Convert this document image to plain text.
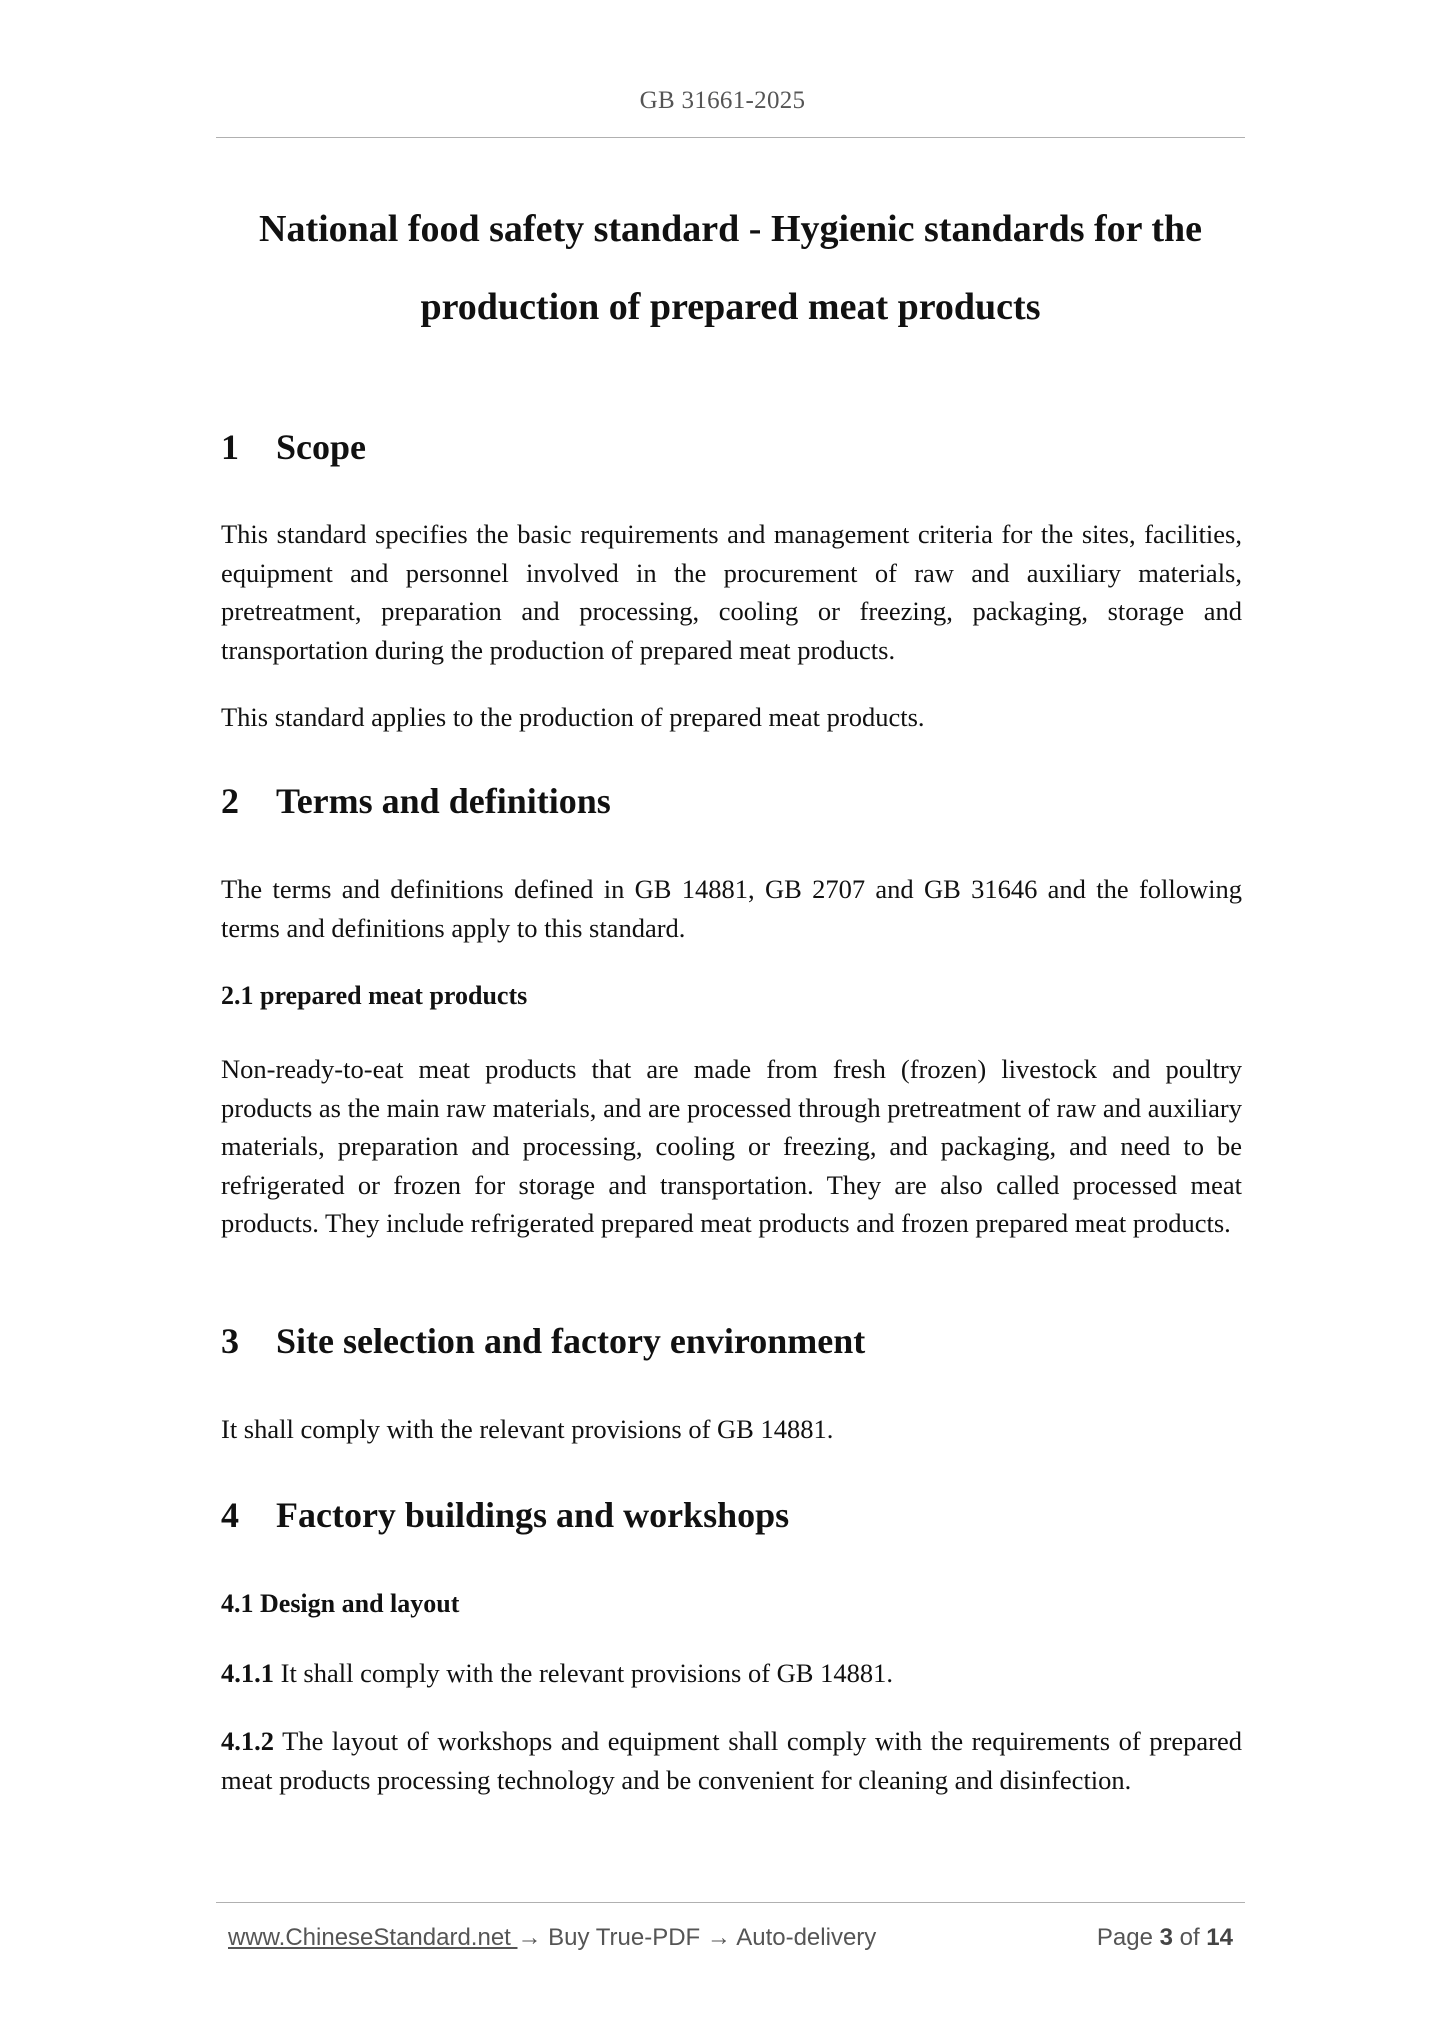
GB 31661-2025
National food safety standard - Hygienic standards for the
production of prepared meat products
1 Scope
This standard specifies the basic requirements and management criteria for the sites, facilities, equipment and personnel involved in the procurement of raw and auxiliary materials, pretreatment, preparation and processing, cooling or freezing, packaging, storage and transportation during the production of prepared meat products.
This standard applies to the production of prepared meat products.
2 Terms and definitions
The terms and definitions defined in GB 14881, GB 2707 and GB 31646 and the following terms and definitions apply to this standard.
2.1 prepared meat products
Non-ready-to-eat meat products that are made from fresh (frozen) livestock and poultry products as the main raw materials, and are processed through pretreatment of raw and auxiliary materials, preparation and processing, cooling or freezing, and packaging, and need to be refrigerated or frozen for storage and transportation. They are also called processed meat products. They include refrigerated prepared meat products and frozen prepared meat products.
3 Site selection and factory environment
It shall comply with the relevant provisions of GB 14881.
4 Factory buildings and workshops
4.1 Design and layout
4.1.1 It shall comply with the relevant provisions of GB 14881.
4.1.2 The layout of workshops and equipment shall comply with the requirements of prepared meat products processing technology and be convenient for cleaning and disinfection.
www.ChineseStandard.net → Buy True-PDF → Auto-delivery	Page 3 of 14
